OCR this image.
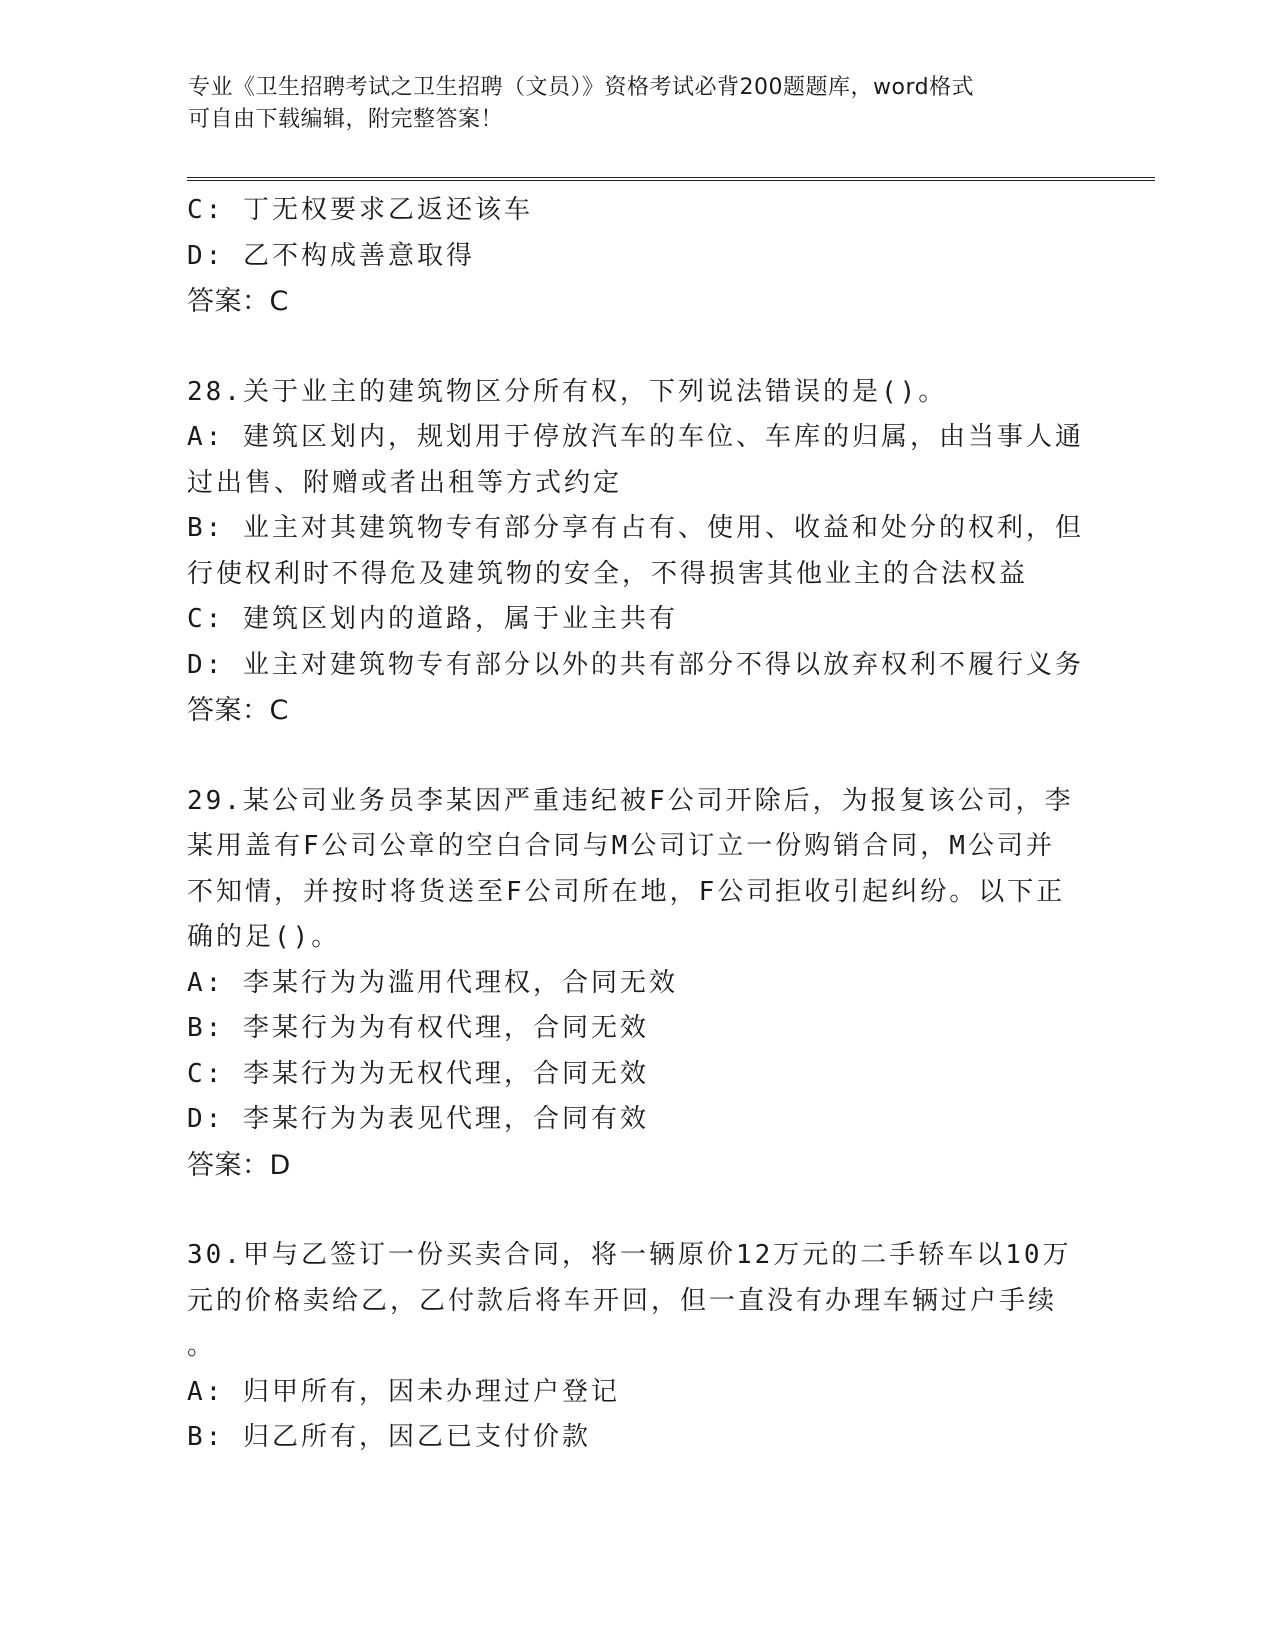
专业《卫生招聘考试之卫生招聘（文员）》资格考试必背200题题库，word格式
可自由下载编辑，附完整答案！
C: 丁无权要求乙返还该车
D: 乙不构成善意取得
答案：C
28.关于业主的建筑物区分所有权，下列说法错误的是()。
A: 建筑区划内，规划用于停放汽车的车位、车库的归属，由当事人通
过出售、附赠或者出租等方式约定
B: 业主对其建筑物专有部分享有占有、使用、收益和处分的权利，但
行使权利时不得危及建筑物的安全，不得损害其他业主的合法权益
C: 建筑区划内的道路，属于业主共有
D: 业主对建筑物专有部分以外的共有部分不得以放弃权利不履行义务
答案：C
29.某公司业务员李某因严重违纪被F公司开除后，为报复该公司，李
某用盖有F公司公章的空白合同与M公司订立一份购销合同，M公司并
不知情，并按时将货送至F公司所在地，F公司拒收引起纠纷。以下正
确的足()。
A: 李某行为为滥用代理权，合同无效
B: 李某行为为有权代理，合同无效
C: 李某行为为无权代理，合同无效
D: 李某行为为表见代理，合同有效
答案：D
30.甲与乙签订一份买卖合同，将一辆原价12万元的二手轿车以10万
元的价格卖给乙，乙付款后将车开回，但一直没有办理车辆过户手续
。
A: 归甲所有，因未办理过户登记
B: 归乙所有，因乙已支付价款
